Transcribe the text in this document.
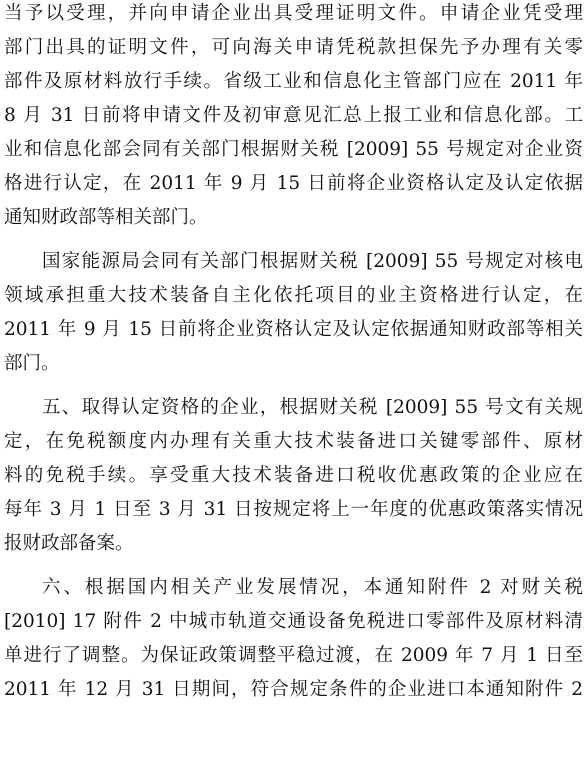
当予以受理，并向申请企业出具受理证明文件。申请企业凭受理
部门出具的证明文件，可向海关申请凭税款担保先予办理有关零
部件及原材料放行手续。省级工业和信息化主管部门应在 2011 年
8 月 31 日前将申请文件及初审意见汇总上报工业和信息化部。工
业和信息化部会同有关部门根据财关税 [2009] 55 号规定对企业资
格进行认定，在 2011 年 9 月 15 日前将企业资格认定及认定依据
通知财政部等相关部门。
国家能源局会同有关部门根据财关税 [2009] 55 号规定对核电
领域承担重大技术装备自主化依托项目的业主资格进行认定，在
2011 年 9 月 15 日前将企业资格认定及认定依据通知财政部等相关
部门。
五、取得认定资格的企业，根据财关税 [2009] 55 号文有关规
定，在免税额度内办理有关重大技术装备进口关键零部件、原材
料的免税手续。享受重大技术装备进口税收优惠政策的企业应在
每年 3 月 1 日至 3 月 31 日按规定将上一年度的优惠政策落实情况
报财政部备案。
六、根据国内相关产业发展情况，本通知附件 2 对财关税
[2010] 17 附件 2 中城市轨道交通设备免税进口零部件及原材料清
单进行了调整。为保证政策调整平稳过渡，在 2009 年 7 月 1 日至
2011 年 12 月 31 日期间，符合规定条件的企业进口本通知附件 2
